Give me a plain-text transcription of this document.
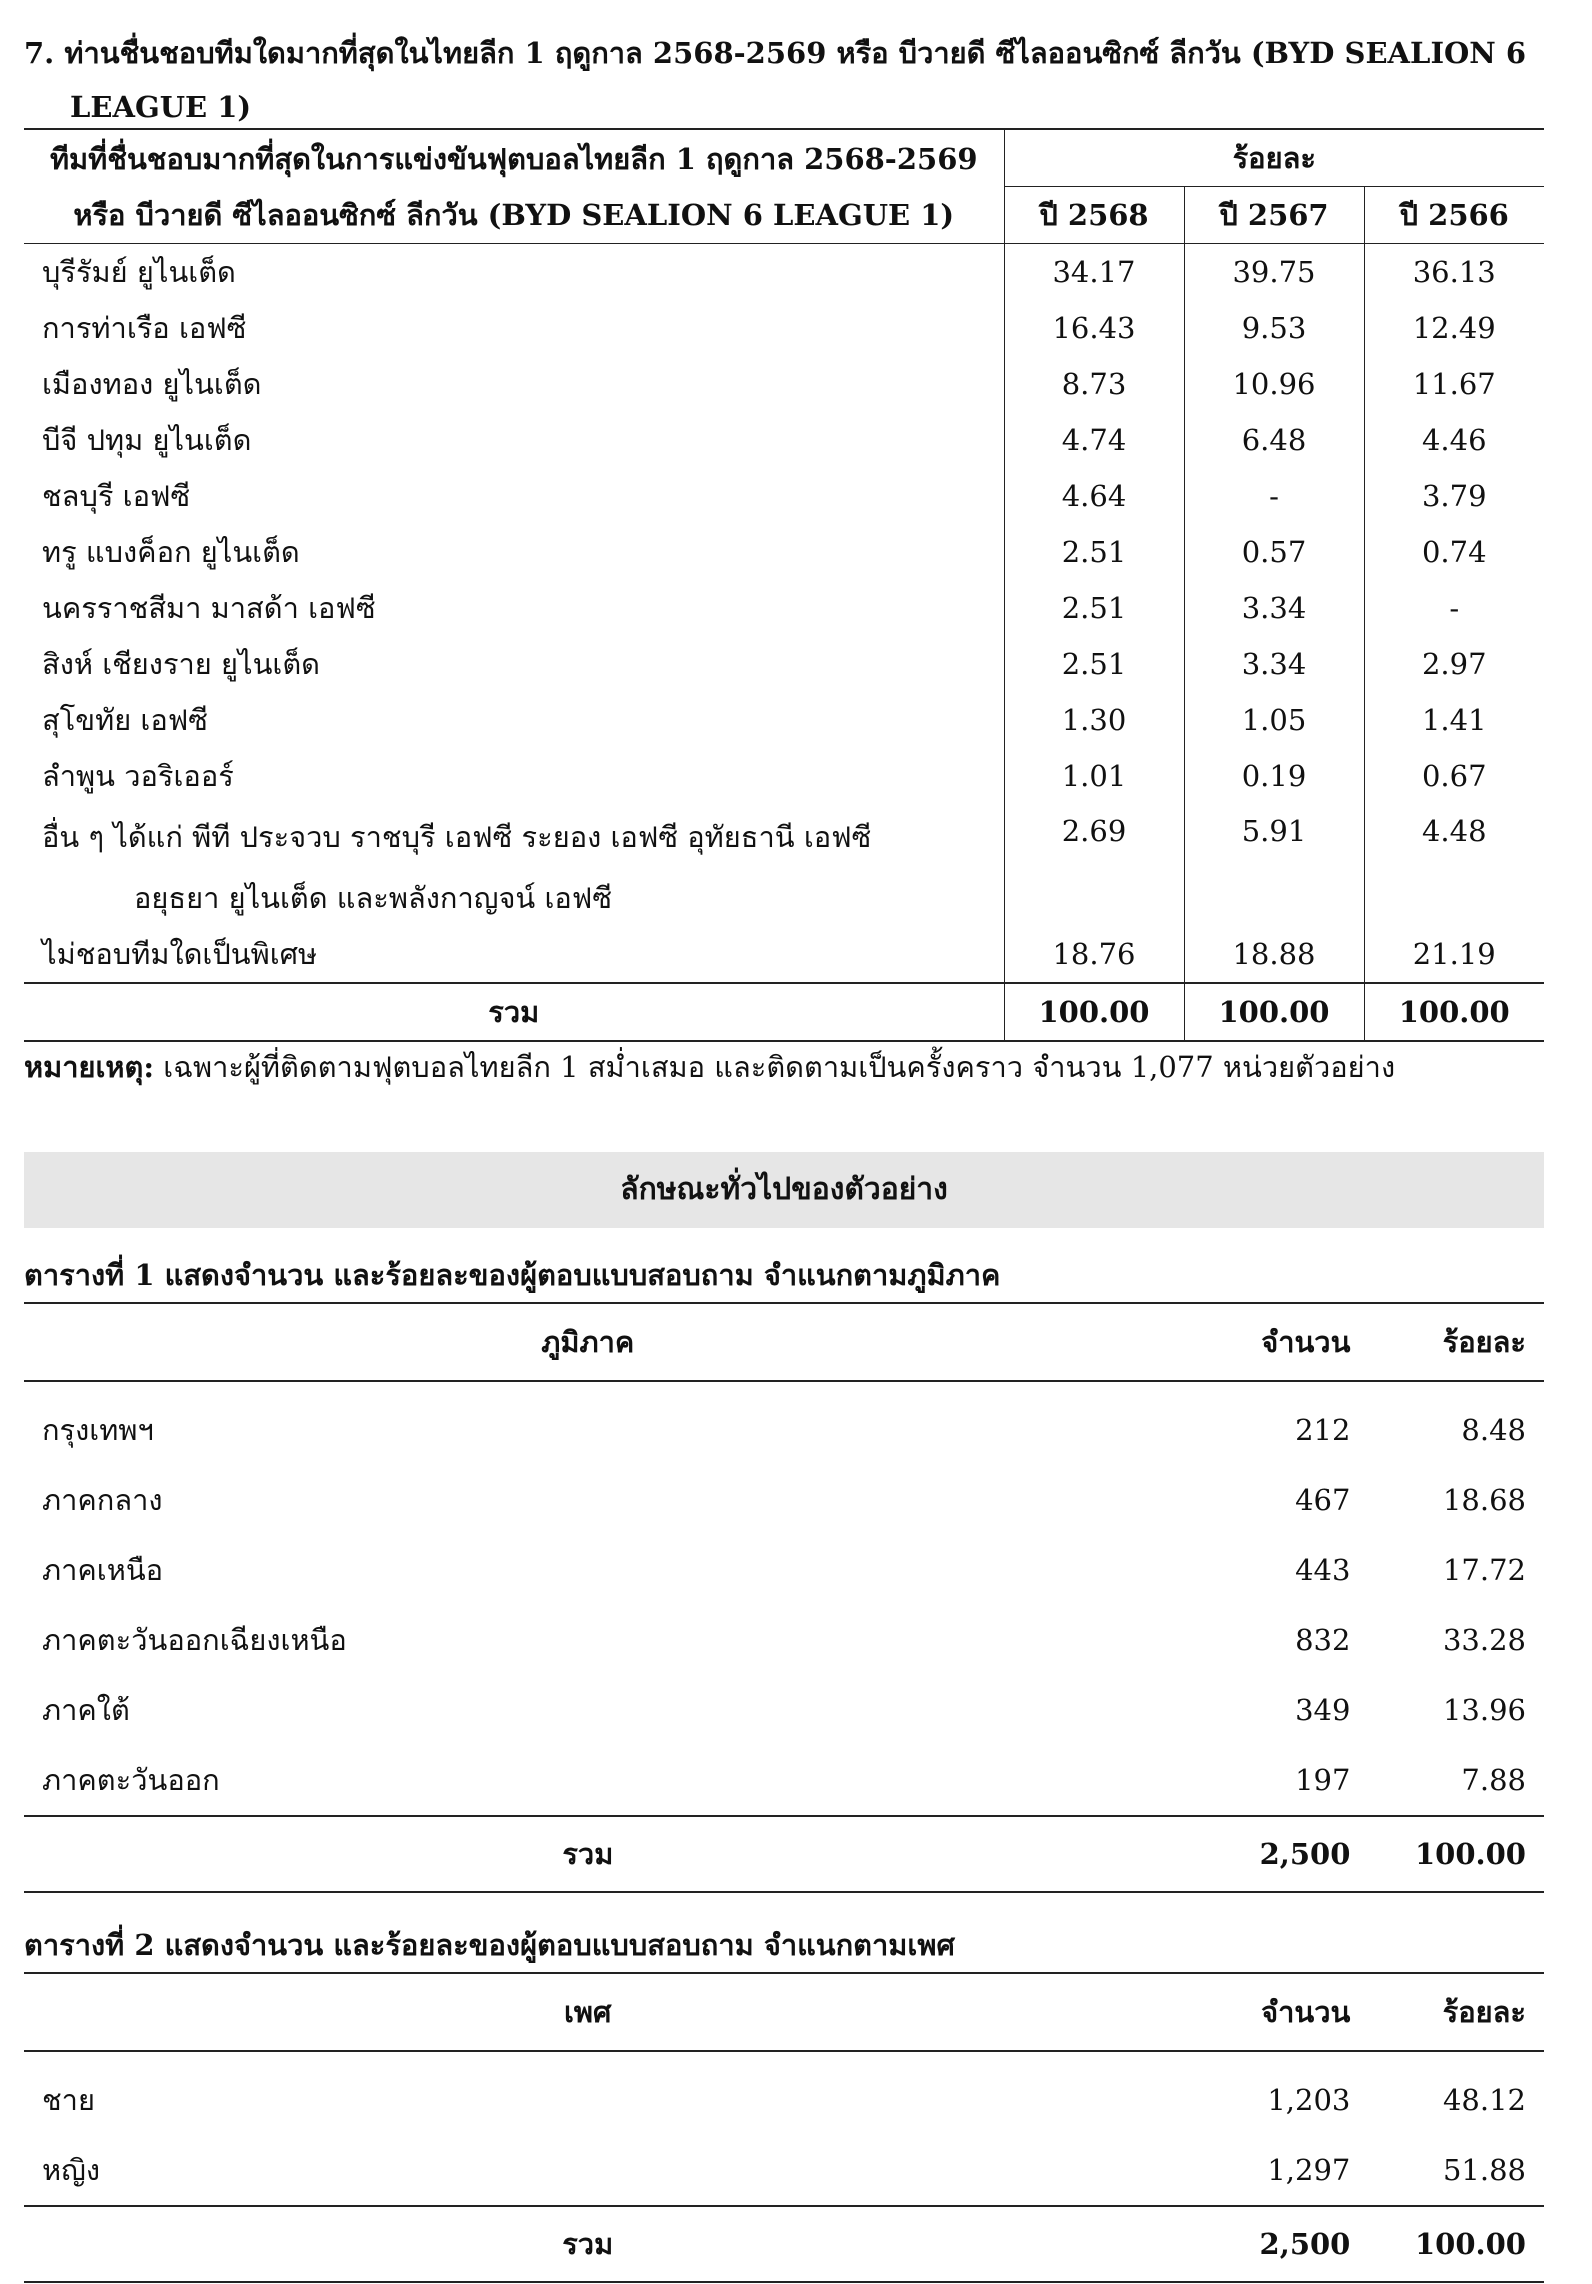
7. ท่านชื่นชอบทีมใดมากที่สุดในไทยลีก 1 ฤดูกาล 2568-2569 หรือ บีวายดี ซีไลออนซิกซ์ ลีกวัน (BYD SEALION 6
LEAGUE 1)
ทีมที่ชื่นชอบมากที่สุดในการแข่งขันฟุตบอลไทยลีก 1 ฤดูกาล 2568-2569
หรือ บีวายดี ซีไลออนซิกซ์ ลีกวัน (BYD SEALION 6 LEAGUE 1)	ร้อยละ		
	ปี 2568	ปี 2567	ปี 2566
บุรีรัมย์ ยูไนเต็ด	34.17	39.75	36.13
การท่าเรือ เอฟซี	16.43	9.53	12.49
เมืองทอง ยูไนเต็ด	8.73	10.96	11.67
บีจี ปทุม ยูไนเต็ด	4.74	6.48	4.46
ชลบุรี เอฟซี	4.64	-	3.79
ทรู แบงค็อก ยูไนเต็ด	2.51	0.57	0.74
นครราชสีมา มาสด้า เอฟซี	2.51	3.34	-
สิงห์ เชียงราย ยูไนเต็ด	2.51	3.34	2.97
สุโขทัย เอฟซี	1.30	1.05	1.41
ลำพูน วอริเออร์	1.01	0.19	0.67
อื่น ๆ ได้แก่ พีที ประจวบ ราชบุรี เอฟซี ระยอง เอฟซี อุทัยธานี เอฟซี	2.69	5.91	4.48
อยุธยา ยูไนเต็ด และพลังกาญจน์ เอฟซี			
ไม่ชอบทีมใดเป็นพิเศษ	18.76	18.88	21.19
รวม	100.00	100.00	100.00
หมายเหตุ: เฉพาะผู้ที่ติดตามฟุตบอลไทยลีก 1 สม่ำเสมอ และติดตามเป็นครั้งคราว จำนวน 1,077 หน่วยตัวอย่าง
ลักษณะทั่วไปของตัวอย่าง
ตารางที่ 1 แสดงจำนวน และร้อยละของผู้ตอบแบบสอบถาม จำแนกตามภูมิภาค
ภูมิภาค	จำนวน	ร้อยละ
กรุงเทพฯ	212	8.48
ภาคกลาง	467	18.68
ภาคเหนือ	443	17.72
ภาคตะวันออกเฉียงเหนือ	832	33.28
ภาคใต้	349	13.96
ภาคตะวันออก	197	7.88
รวม	2,500	100.00
ตารางที่ 2 แสดงจำนวน และร้อยละของผู้ตอบแบบสอบถาม จำแนกตามเพศ
เพศ	จำนวน	ร้อยละ
ชาย	1,203	48.12
หญิง	1,297	51.88
รวม	2,500	100.00
